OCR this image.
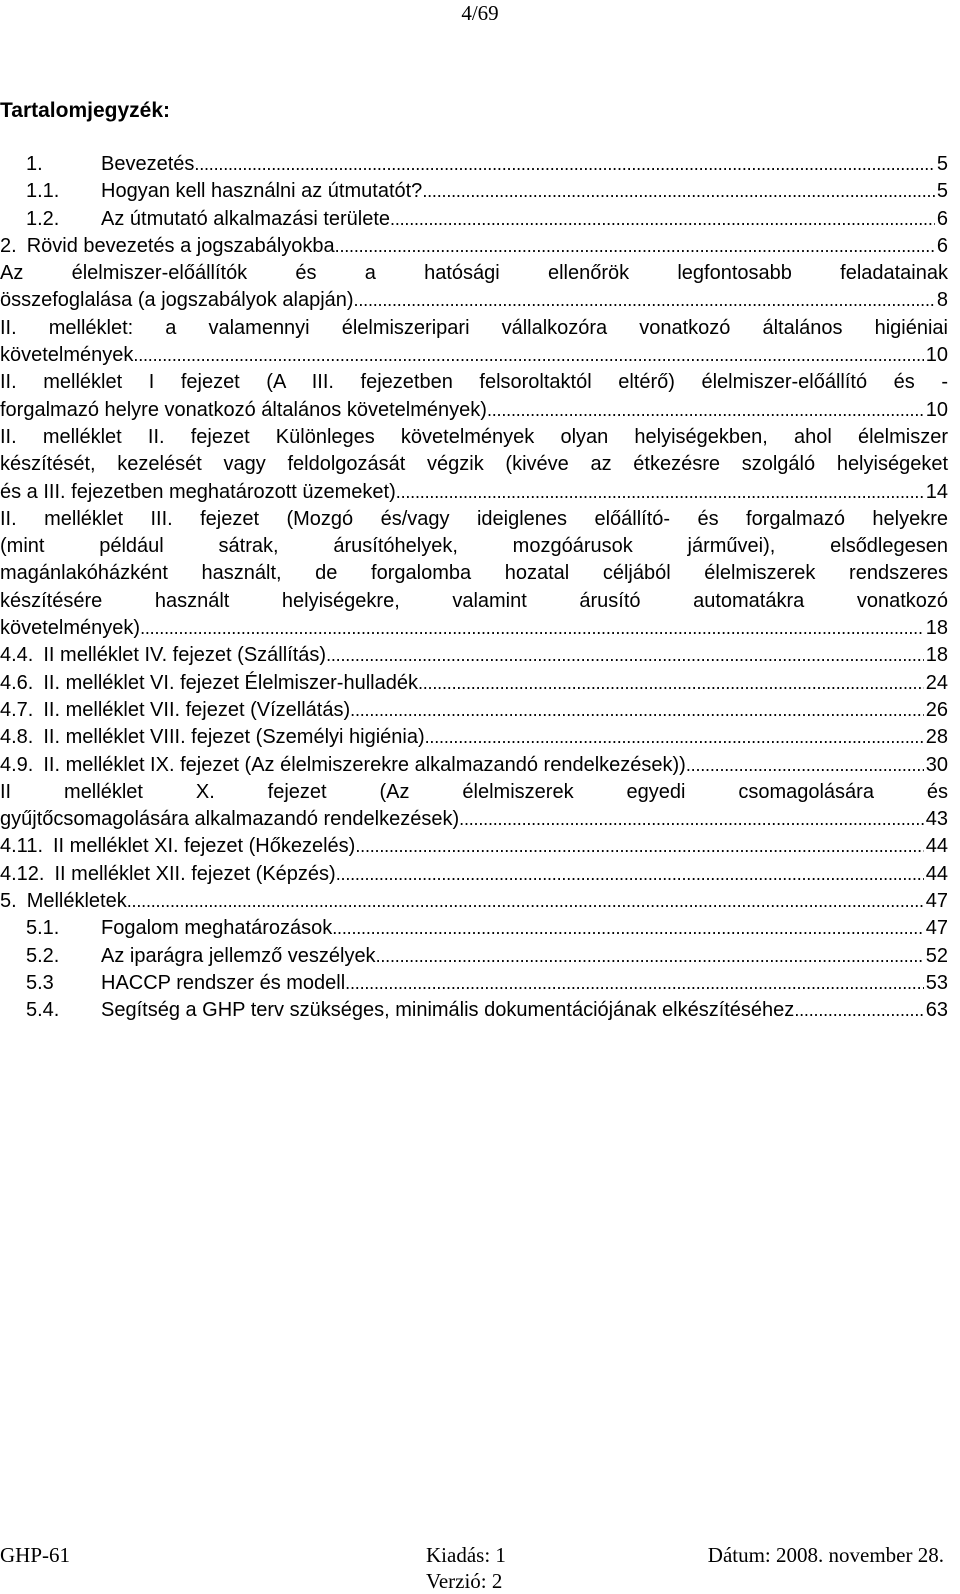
4/69
Tartalomjegyzék:
1.	Bevezetés . . .	5
1.1.	Hogyan kell használni az útmutatót? . . .	5
1.2.	Az útmutató alkalmazási területe . . .	6
2. Rövid bevezetés a jogszabályokba . . .	6
Az élelmiszer-előállítók és a hatósági ellenőrök legfontosabb feladatainak
összefoglalása (a jogszabályok alapján) . . .	8
II. melléklet: a valamennyi élelmiszeripari vállalkozóra vonatkozó általános higiéniai
követelmények . . .	10
II. melléklet I fejezet (A III. fejezetben felsoroltaktól eltérő) élelmiszer-előállító és -
forgalmazó helyre vonatkozó általános követelmények) . . .	10
II. melléklet II. fejezet Különleges követelmények olyan helyiségekben, ahol élelmiszer
készítését, kezelését vagy feldolgozását végzik (kivéve az étkezésre szolgáló helyiségeket
és a III. fejezetben meghatározott üzemeket) . . .	14
II. melléklet III. fejezet (Mozgó és/vagy ideiglenes előállító- és forgalmazó helyekre
(mint például sátrak, árusítóhelyek, mozgóárusok járművei), elsődlegesen
magánlakóházként használt, de forgalomba hozatal céljából élelmiszerek rendszeres
készítésére használt helyiségekre, valamint árusító automatákra vonatkozó
követelmények) . . .	18
4.4. II melléklet IV. fejezet (Szállítás) . . .	18
4.6. II. melléklet VI. fejezet Élelmiszer-hulladék . . .	24
4.7. II. melléklet VII. fejezet (Vízellátás) . . .	26
4.8. II. melléklet VIII. fejezet (Személyi higiénia) . . .	28
4.9. II. melléklet IX. fejezet (Az élelmiszerekre alkalmazandó rendelkezések)) . . .	30
II melléklet X. fejezet (Az élelmiszerek egyedi csomagolására és
gyűjtőcsomagolására alkalmazandó rendelkezések) . . .	43
4.11. II melléklet XI. fejezet (Hőkezelés) . . .	44
4.12. II melléklet XII. fejezet (Képzés) . . .	44
5. Mellékletek . . .	47
5.1.	Fogalom meghatározások . . .	47
5.2.	Az iparágra jellemző veszélyek . . .	52
5.3	HACCP rendszer és modell . . .	53
5.4.	Segítség a GHP terv szükséges, minimális dokumentációjának elkészítéséhez . . .	63
GHP-61	Kiadás: 1	Dátum: 2008. november 28.
Verzió: 2
